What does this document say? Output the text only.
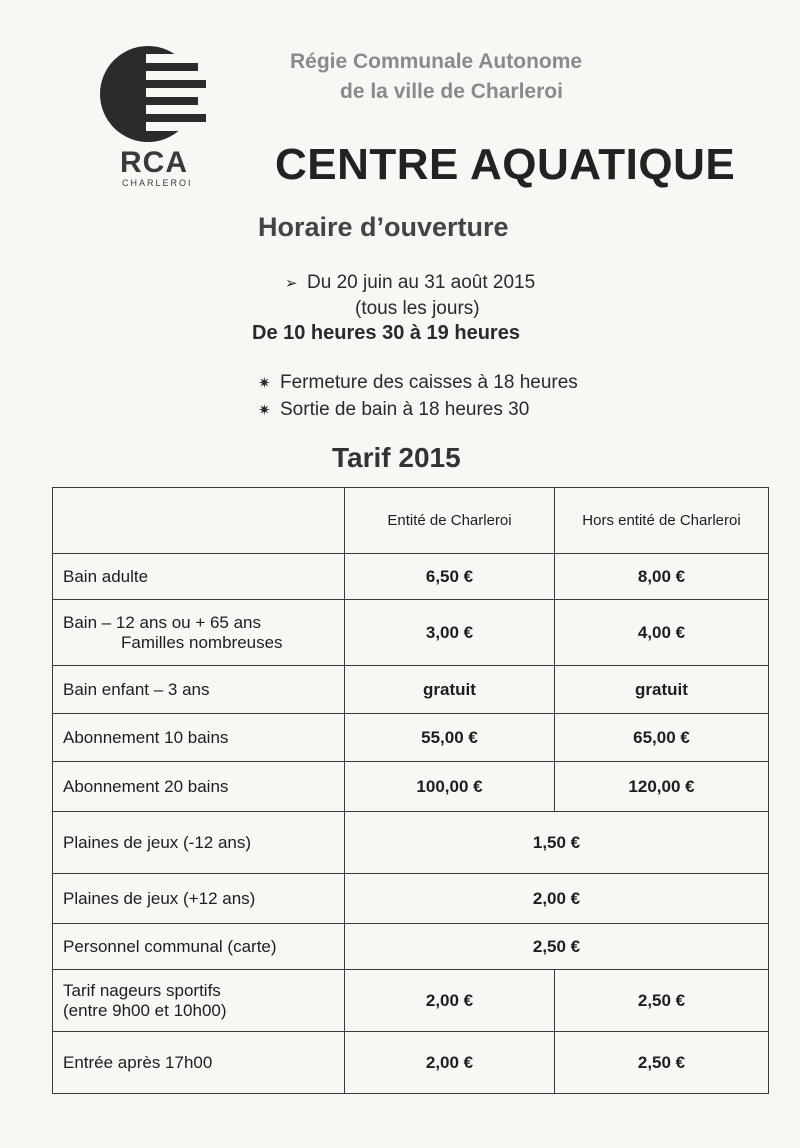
RCA
CHARLEROI
Régie Communale Autonome
de la ville de Charleroi
CENTRE AQUATIQUE
Horaire d’ouverture
➢ Du 20 juin au 31 août 2015
(tous les jours)
De 10 heures 30 à 19 heures
✷ Fermeture des caisses à 18 heures
✷ Sortie de bain à 18 heures 30
Tarif 2015
	Entité de Charleroi	Hors entité de Charleroi
Bain adulte	6,50 €	8,00 €

Bain – 12 ans ou + 65 ans
Familles nombreuses	3,00 €	4,00 €
Bain enfant – 3 ans	gratuit	gratuit
Abonnement 10 bains	55,00 €	65,00 €
Abonnement 20 bains	100,00 €	120,00 €
Plaines de jeux (-12 ans)	1,50 €	
Plaines de jeux (+12 ans)	2,00 €	
Personnel communal (carte)	2,50 €	

Tarif nageurs sportifs
(entre 9h00 et 10h00)	2,00 €	2,50 €
Entrée après 17h00	2,00 €	2,50 €
